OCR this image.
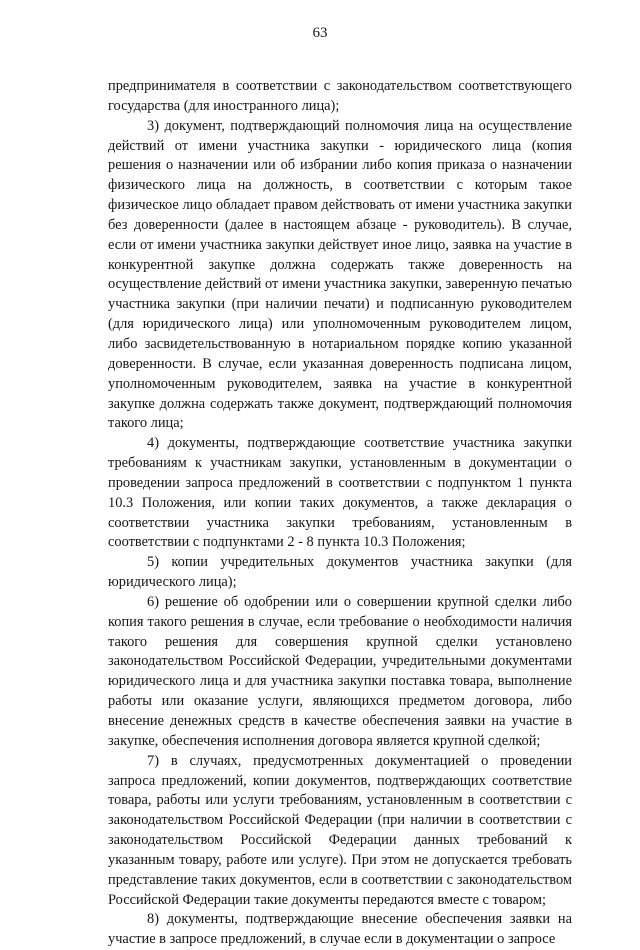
63

предпринимателя в соответствии с законодательством соответствующего государства (для иностранного лица);

3) документ, подтверждающий полномочия лица на осуществление действий от имени участника закупки - юридического лица (копия решения о назначении или об избрании либо копия приказа о назначении физического лица на должность, в соответствии с которым такое физическое лицо обладает правом действовать от имени участника закупки без доверенности (далее в настоящем абзаце - руководитель). В случае, если от имени участника закупки действует иное лицо, заявка на участие в конкурентной закупке должна содержать также доверенность на осуществление действий от имени участника закупки, заверенную печатью участника закупки (при наличии печати) и подписанную руководителем (для юридического лица) или уполномоченным руководителем лицом, либо засвидетельствованную в нотариальном порядке копию указанной доверенности. В случае, если указанная доверенность подписана лицом, уполномоченным руководителем, заявка на участие в конкурентной закупке должна содержать также документ, подтверждающий полномочия такого лица;

4) документы, подтверждающие соответствие участника закупки требованиям к участникам закупки, установленным в документации о проведении запроса предложений в соответствии с подпунктом 1 пункта 10.3 Положения, или копии таких документов, а также декларация о соответствии участника закупки требованиям, установленным в соответствии с подпунктами 2 - 8 пункта 10.3 Положения;

5) копии учредительных документов участника закупки (для юридического лица);

6) решение об одобрении или о совершении крупной сделки либо копия такого решения в случае, если требование о необходимости наличия такого решения для совершения крупной сделки установлено законодательством Российской Федерации, учредительными документами юридического лица и для участника закупки поставка товара, выполнение работы или оказание услуги, являющихся предметом договора, либо внесение денежных средств в качестве обеспечения заявки на участие в закупке, обеспечения исполнения договора является крупной сделкой;

7) в случаях, предусмотренных документацией о проведении запроса предложений, копии документов, подтверждающих соответствие товара, работы или услуги требованиям, установленным в соответствии с законодательством Российской Федерации (при наличии в соответствии с законодательством Российской Федерации данных требований к указанным товару, работе или услуге). При этом не допускается требовать представление таких документов, если в соответствии с законодательством Российской Федерации такие документы передаются вместе с товаром;

8) документы, подтверждающие внесение обеспечения заявки на участие в запросе предложений, в случае если в документации о запросе
